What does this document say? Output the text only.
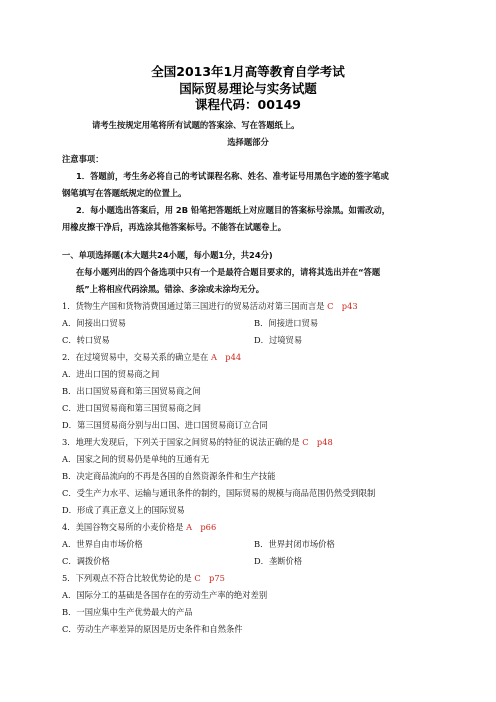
全国2013年1月高等教育自学考试
国际贸易理论与实务试题
课程代码：00149
请考生按规定用笔将所有试题的答案涂、写在答题纸上。
选择题部分
注意事项：
1．答题前，考生务必将自己的考试课程名称、姓名、准考证号用黑色字迹的签字笔或
钢笔填写在答题纸规定的位置上。
2．每小题选出答案后，用 2B 铅笔把答题纸上对应题目的答案标号涂黑。如需改动，
用橡皮擦干净后，再选涂其他答案标号。不能答在试题卷上。
一、单项选择题(本大题共24小题，每小题1分，共24分)
在每小题列出的四个备选项中只有一个是最符合题目要求的，请将其选出并在“答题
纸”上将相应代码涂黑。错涂、多涂或未涂均无分。
1．货物生产国和货物消费国通过第三国进行的贸易活动对第三国而言是 C　p43
A．间接出口贸易	B．间接进口贸易
C．转口贸易	D．过境贸易
2．在过境贸易中，交易关系的确立是在 A　p44
A．进出口国的贸易商之间
B．出口国贸易商和第三国贸易商之间
C．进口国贸易商和第三国贸易商之间
D．第三国贸易商分别与出口国、进口国贸易商订立合同
3．地理大发现后，下列关于国家之间贸易的特征的说法正确的是 C　p48
A．国家之间的贸易仍是单纯的互通有无
B．决定商品流向的不再是各国的自然资源条件和生产技能
C．受生产力水平、运输与通讯条件的制约，国际贸易的规模与商品范围仍然受到限制
D．形成了真正意义上的国际贸易
4．美国谷物交易所的小麦价格是 A　p66
A．世界自由市场价格	B．世界封闭市场价格
C．调拨价格	D．垄断价格
5．下列观点不符合比较优势论的是 C　p75
A．国际分工的基础是各国存在的劳动生产率的绝对差别
B．一国应集中生产优势最大的产品
C．劳动生产率差异的原因是历史条件和自然条件
